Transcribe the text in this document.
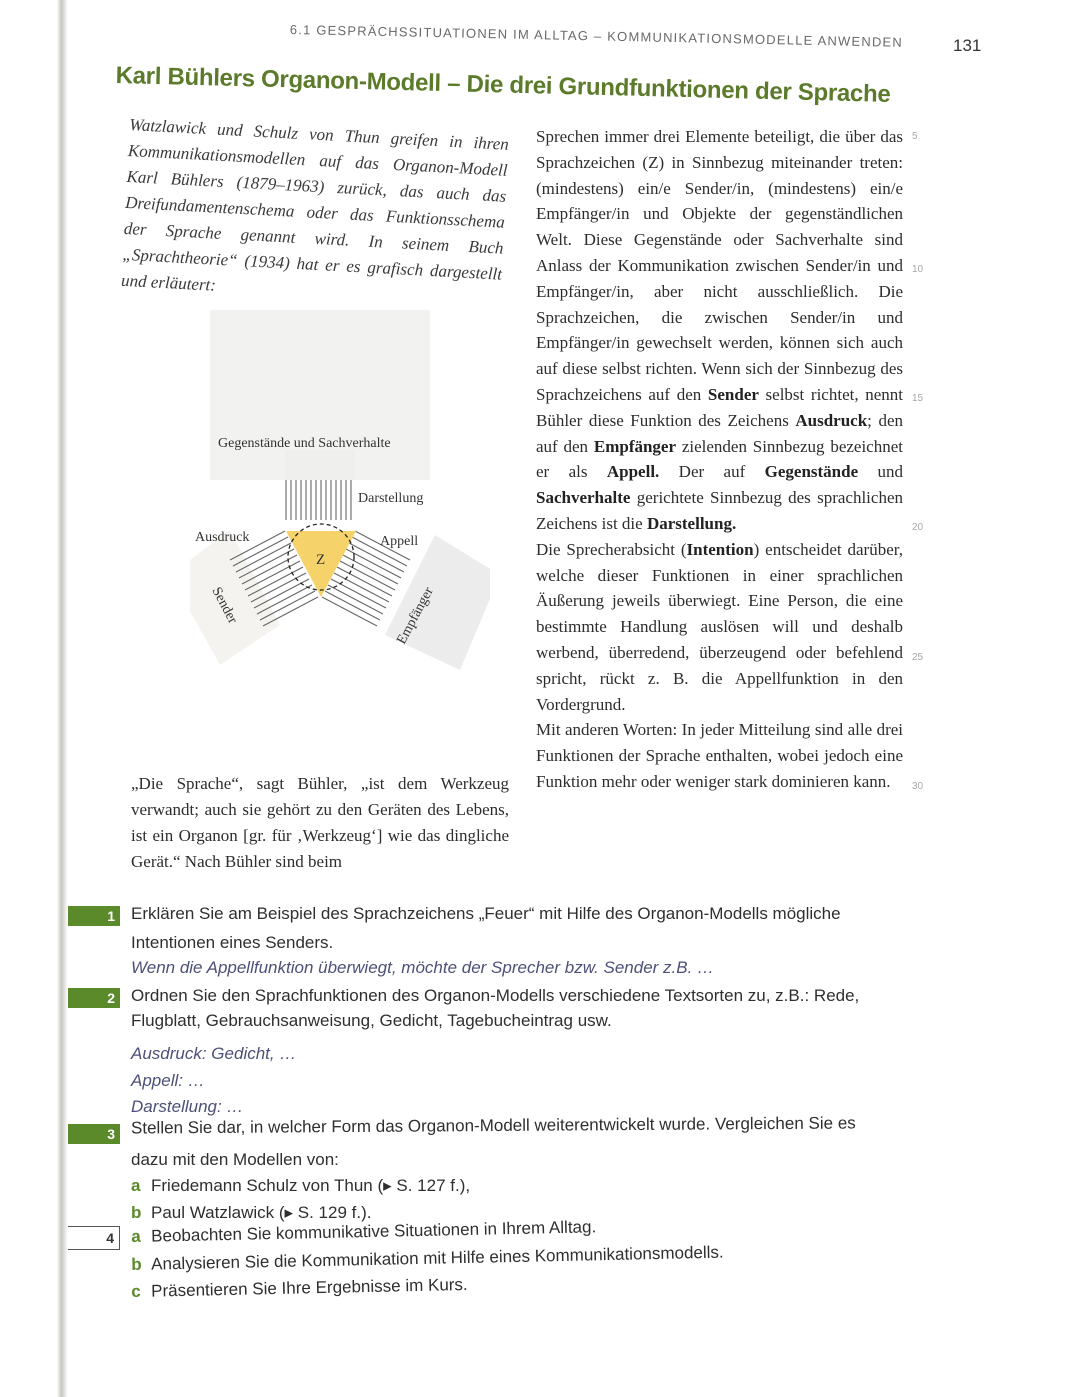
6.1 GESPRÄCHSSITUATIONEN IM ALLTAG – KOMMUNIKATIONSMODELLE ANWENDEN	131
Karl Bühlers Organon-Modell – Die drei Grundfunktionen der Sprache

Watzlawick und Schulz von Thun greifen in ihren Kommunikationsmodellen auf das Organon-Modell Karl Bühlers (1879–1963) zurück, das auch das Dreifundamentenschema oder das Funktionsschema der Sprache genannt wird. In seinem Buch „Sprachtheorie“ (1934) hat er es grafisch dargestellt und erläutert:

Gegenstände und Sachverhalte
Darstellung
Z
Ausdruck	Appell
Sender	Empfänger

„Die Sprache“, sagt Bühler, „ist dem Werkzeug verwandt; auch sie gehört zu den Geräten des Lebens, ist ein Organon [gr. für ‚Werkzeug‘] wie das dingliche Gerät.“ Nach Bühler sind beim

Sprechen immer drei Elemente beteiligt, die über das Sprachzeichen (Z) in Sinnbezug miteinander treten: (mindestens) ein/e Sender/in, (mindestens) ein/e Empfänger/in und Objekte der gegenständlichen Welt. Diese Gegenstände oder Sachverhalte sind Anlass der Kommunikation zwischen Sender/in und Empfänger/in, aber nicht ausschließlich. Die Sprachzeichen, die zwischen Sender/in und Empfänger/in gewechselt werden, können sich auch auf diese selbst richten. Wenn sich der Sinnbezug des Sprachzeichens auf den Sender selbst richtet, nennt Bühler diese Funktion des Zeichens Ausdruck; den auf den Empfänger zielenden Sinnbezug bezeichnet er als Appell. Der auf Gegenstände und Sachverhalte gerichtete Sinnbezug des sprachlichen Zeichens ist die Darstellung.
Die Sprecherabsicht (Intention) entscheidet darüber, welche dieser Funktionen in einer sprachlichen Äußerung jeweils überwiegt. Eine Person, die eine bestimmte Handlung auslösen will und deshalb werbend, überredend, überzeugend oder befehlend spricht, rückt z. B. die Appellfunktion in den Vordergrund.
Mit anderen Worten: In jeder Mitteilung sind alle drei Funktionen der Sprache enthalten, wobei jedoch eine Funktion mehr oder weniger stark dominieren kann.
5
10
15
20
25
30
1 Erklären Sie am Beispiel des Sprachzeichens „Feuer“ mit Hilfe des Organon-Modells mögliche
Intentionen eines Senders.
Wenn die Appellfunktion überwiegt, möchte der Sprecher bzw. Sender z.B. …
2 Ordnen Sie den Sprachfunktionen des Organon-Modells verschiedene Textsorten zu, z.B.: Rede,
Flugblatt, Gebrauchsanweisung, Gedicht, Tagebucheintrag usw.
Ausdruck: Gedicht, …
Appell: …
Darstellung: …
3 Stellen Sie dar, in welcher Form das Organon-Modell weiterentwickelt wurde. Vergleichen Sie es
dazu mit den Modellen von:
a Friedemann Schulz von Thun (▸ S. 127 f.),
b Paul Watzlawick (▸ S. 129 f.).
4	a Beobachten Sie kommunikative Situationen in Ihrem Alltag.
b Analysieren Sie die Kommunikation mit Hilfe eines Kommunikationsmodells.
c Präsentieren Sie Ihre Ergebnisse im Kurs.
